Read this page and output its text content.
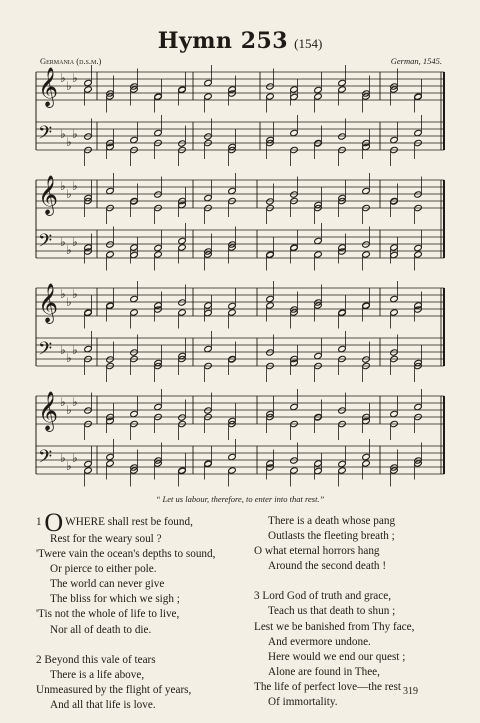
Hymn 253 (154)
Germania (d.s.m.)	German, 1545.
𝄞 ♭
♭
♭
𝄢 ♭
♭
♭
𝄞 ♭
♭
♭
𝄢 ♭
♭
♭
𝄞 ♭
♭
♭
𝄢 ♭
♭
♭
𝄞 ♭
♭
♭
𝄢 ♭
♭
♭
“ Let us labour, therefore, to enter into that rest.”
1 O WHERE shall rest be found,
Rest for the weary soul ?
'Twere vain the ocean's depths to sound,
Or pierce to either pole.
The world can never give
The bliss for which we sigh ;
'Tis not the whole of life to live,
Nor all of death to die.
2 Beyond this vale of tears
There is a life above,
Unmeasured by the flight of years,
And all that life is love.
There is a death whose pang
Outlasts the fleeting breath ;
O what eternal horrors hang
Around the second death !
3 Lord God of truth and grace,
Teach us that death to shun ;
Lest we be banished from Thy face,
And evermore undone.
Here would we end our quest ;
Alone are found in Thee,
The life of perfect love—the rest
Of immortality.
319
